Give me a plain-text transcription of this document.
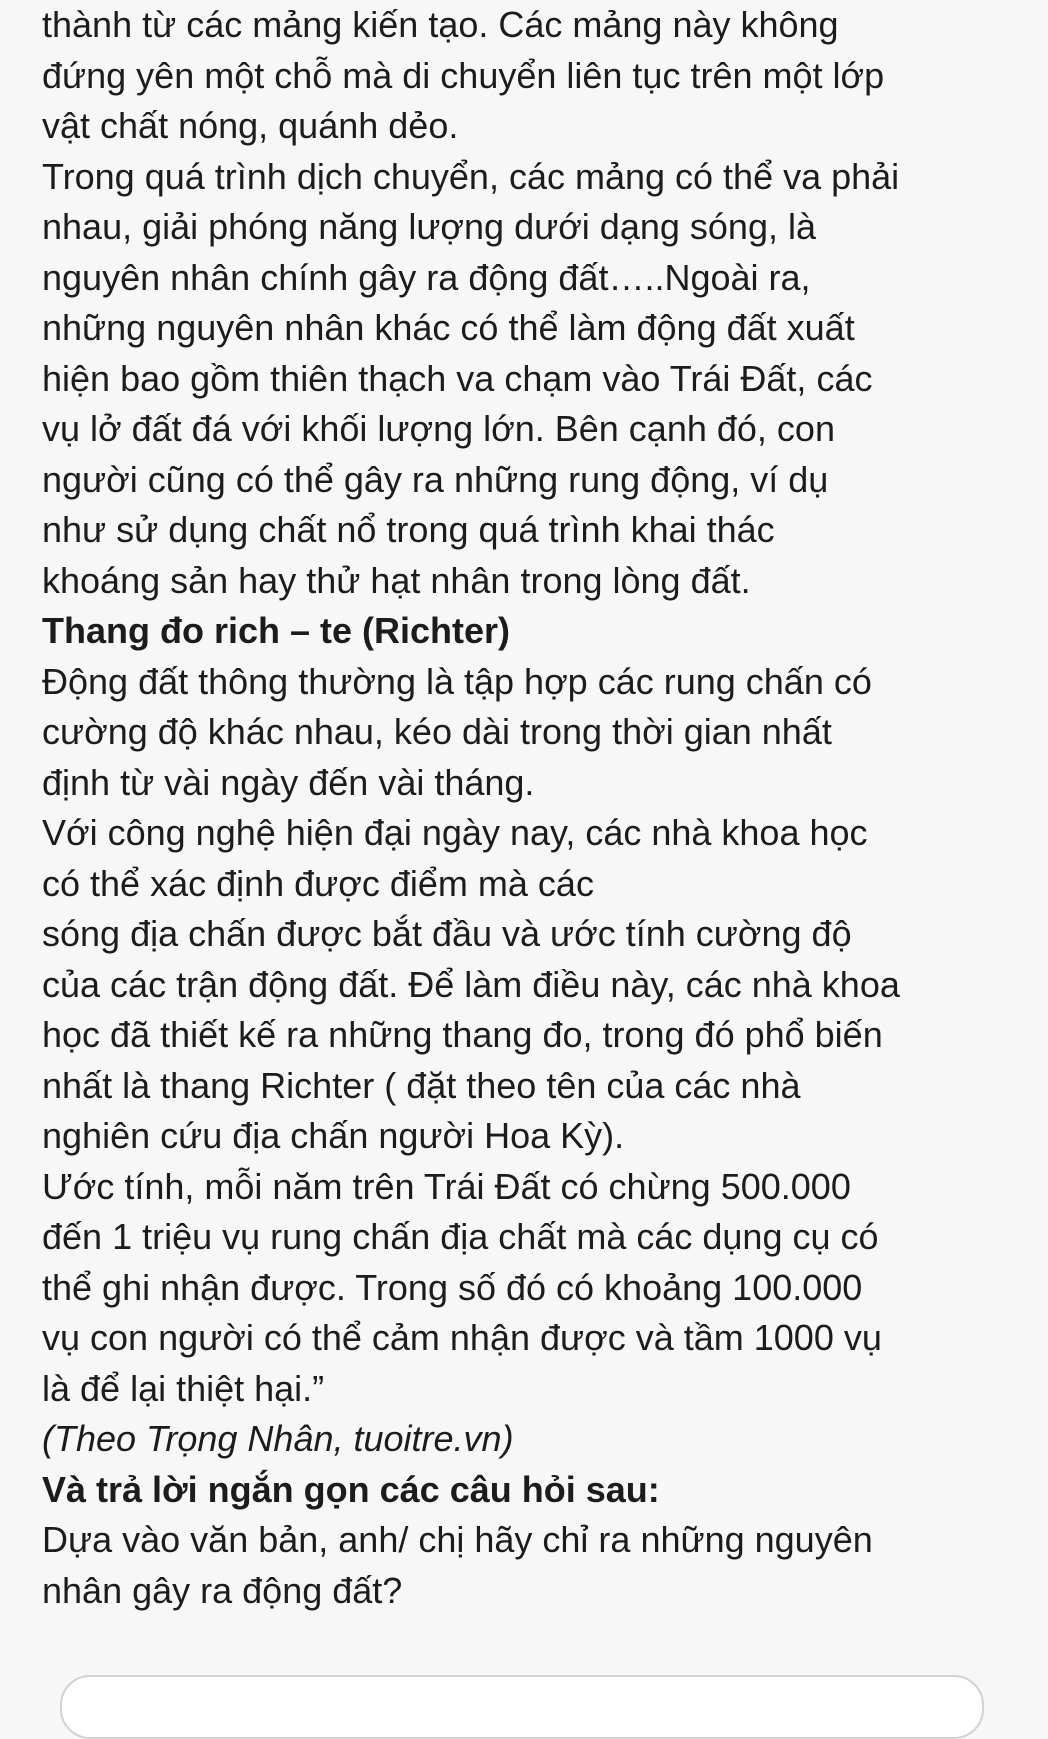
thành từ các mảng kiến tạo. Các mảng này không
đứng yên một chỗ mà di chuyển liên tục trên một lớp
vật chất nóng, quánh dẻo.
Trong quá trình dịch chuyển, các mảng có thể va phải
nhau, giải phóng năng lượng dưới dạng sóng, là
nguyên nhân chính gây ra động đất…..Ngoài ra,
những nguyên nhân khác có thể làm động đất xuất
hiện bao gồm thiên thạch va chạm vào Trái Đất, các
vụ lở đất đá với khối lượng lớn. Bên cạnh đó, con
người cũng có thể gây ra những rung động, ví dụ
như sử dụng chất nổ trong quá trình khai thác
khoáng sản hay thử hạt nhân trong lòng đất.
Thang đo rich – te (Richter)
Động đất thông thường là tập hợp các rung chấn có
cường độ khác nhau, kéo dài trong thời gian nhất
định từ vài ngày đến vài tháng.
Với công nghệ hiện đại ngày nay, các nhà khoa học
có thể xác định được điểm mà các
sóng địa chấn được bắt đầu và ước tính cường độ
của các trận động đất. Để làm điều này, các nhà khoa
học đã thiết kế ra những thang đo, trong đó phổ biến
nhất là thang Richter ( đặt theo tên của các nhà
nghiên cứu địa chấn người Hoa Kỳ).
Ước tính, mỗi năm trên Trái Đất có chừng 500.000
đến 1 triệu vụ rung chấn địa chất mà các dụng cụ có
thể ghi nhận được. Trong số đó có khoảng 100.000
vụ con người có thể cảm nhận được và tầm 1000 vụ
là để lại thiệt hại.”
(Theo Trọng Nhân, tuoitre.vn)
Và trả lời ngắn gọn các câu hỏi sau:
Dựa vào văn bản, anh/ chị hãy chỉ ra những nguyên
nhân gây ra động đất?
